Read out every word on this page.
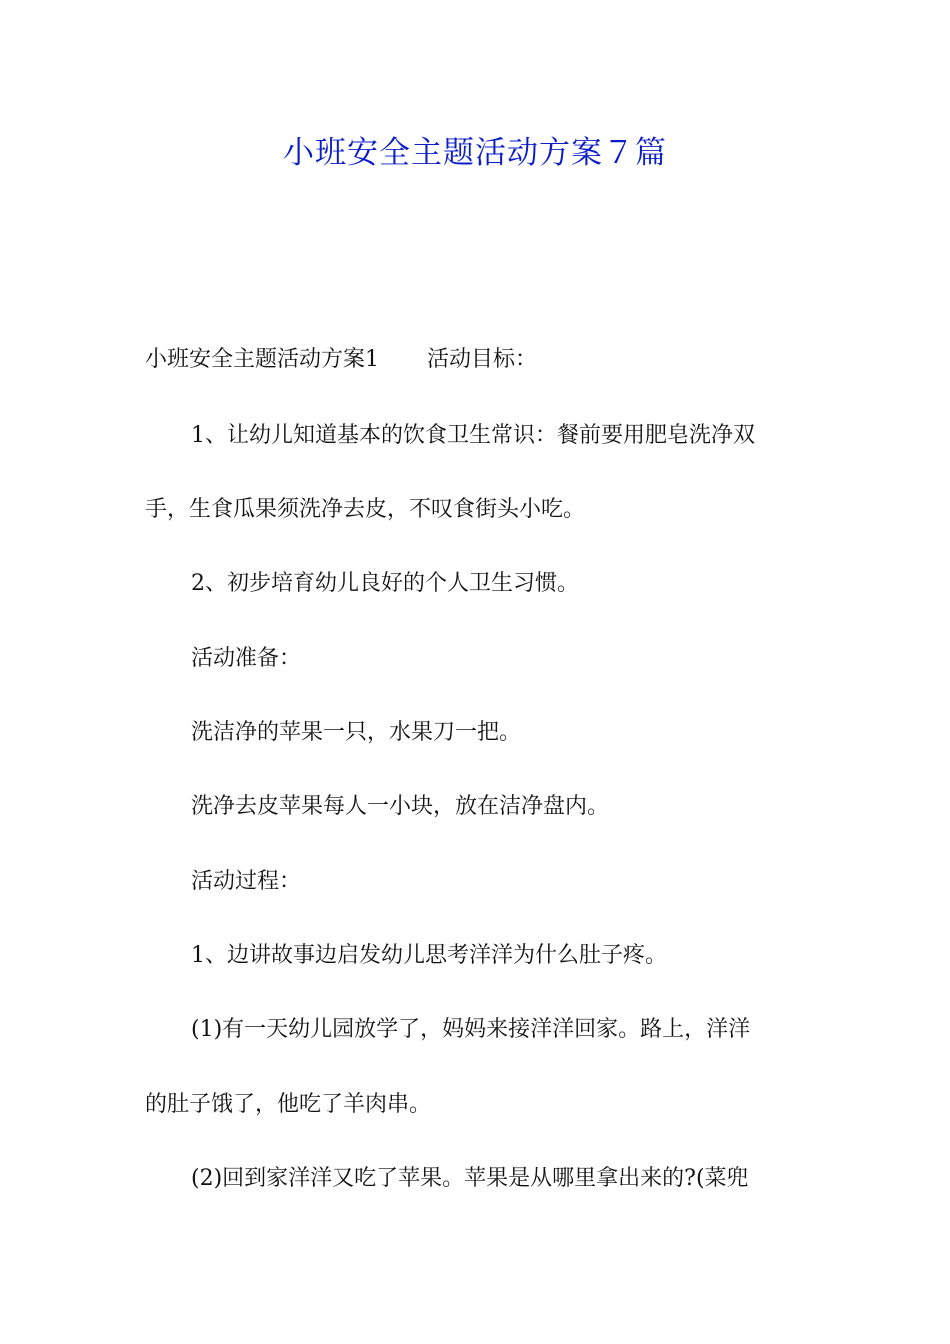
小班安全主题活动方案７篇

小班安全主题活动方案1 活动目标：

1、让幼儿知道基本的饮食卫生常识：餐前要用肥皂洗净双

手，生食瓜果须洗净去皮，不叹食街头小吃。

2、初步培育幼儿良好的个人卫生习惯。

活动准备：

洗洁净的苹果一只，水果刀一把。

洗净去皮苹果每人一小块，放在洁净盘内。

活动过程：

1、边讲故事边启发幼儿思考洋洋为什么肚子疼。

(1)有一天幼儿园放学了，妈妈来接洋洋回家。路上，洋洋

的肚子饿了，他吃了羊肉串。

(2)回到家洋洋又吃了苹果。苹果是从哪里拿出来的?(菜兜
